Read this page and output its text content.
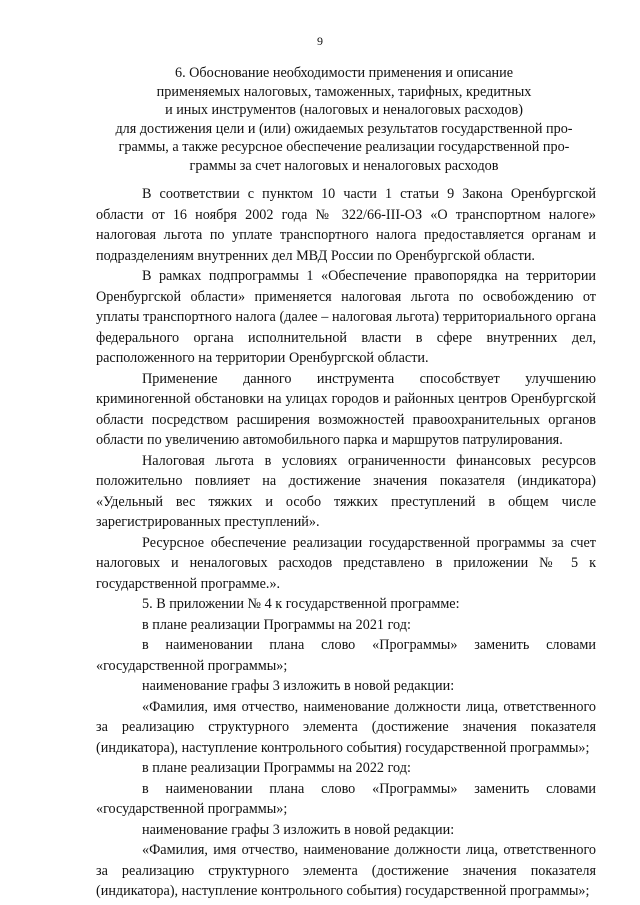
9
6. Обоснование необходимости применения и описание
применяемых налоговых, таможенных, тарифных, кредитных
и иных инструментов (налоговых и неналоговых расходов)
для достижения цели и (или) ожидаемых результатов государственной про-
граммы, а также ресурсное обеспечение реализации государственной про-
граммы за счет налоговых и неналоговых расходов

В соответствии с пунктом 10 части 1 статьи 9 Закона Оренбургской области от 16 ноября 2002 года № 322/66-III-ОЗ «О транспортном налоге» налоговая льгота по уплате транспортного налога предоставляется органам и подразделениям внутренних дел МВД России по Оренбургской области.

В рамках подпрограммы 1 «Обеспечение правопорядка на территории Оренбургской области» применяется налоговая льгота по освобождению от уплаты транспортного налога (далее – налоговая льгота) территориального органа федерального органа исполнительной власти в сфере внутренних дел, расположенного на территории Оренбургской области.

Применение данного инструмента способствует улучшению криминогенной обстановки на улицах городов и районных центров Оренбургской области посредством расширения возможностей правоохранительных органов области по увеличению автомобильного парка и маршрутов патрулирования.

Налоговая льгота в условиях ограниченности финансовых ресурсов положительно повлияет на достижение значения показателя (индикатора) «Удельный вес тяжких и особо тяжких преступлений в общем числе зарегистрированных преступлений».

Ресурсное обеспечение реализации государственной программы за счет налоговых и неналоговых расходов представлено в приложении № 5 к государственной программе.».

5. В приложении № 4 к государственной программе:

в плане реализации Программы на 2021 год:

в наименовании плана слово «Программы» заменить словами «государственной программы»;

наименование графы 3 изложить в новой редакции:

«Фамилия, имя отчество, наименование должности лица, ответственного за реализацию структурного элемента (достижение значения показателя (индикатора), наступление контрольного события) государственной программы»;

в плане реализации Программы на 2022 год:

в наименовании плана слово «Программы» заменить словами «государственной программы»;

наименование графы 3 изложить в новой редакции:

«Фамилия, имя отчество, наименование должности лица, ответственного за реализацию структурного элемента (достижение значения показателя (индикатора), наступление контрольного события) государственной программы»;
